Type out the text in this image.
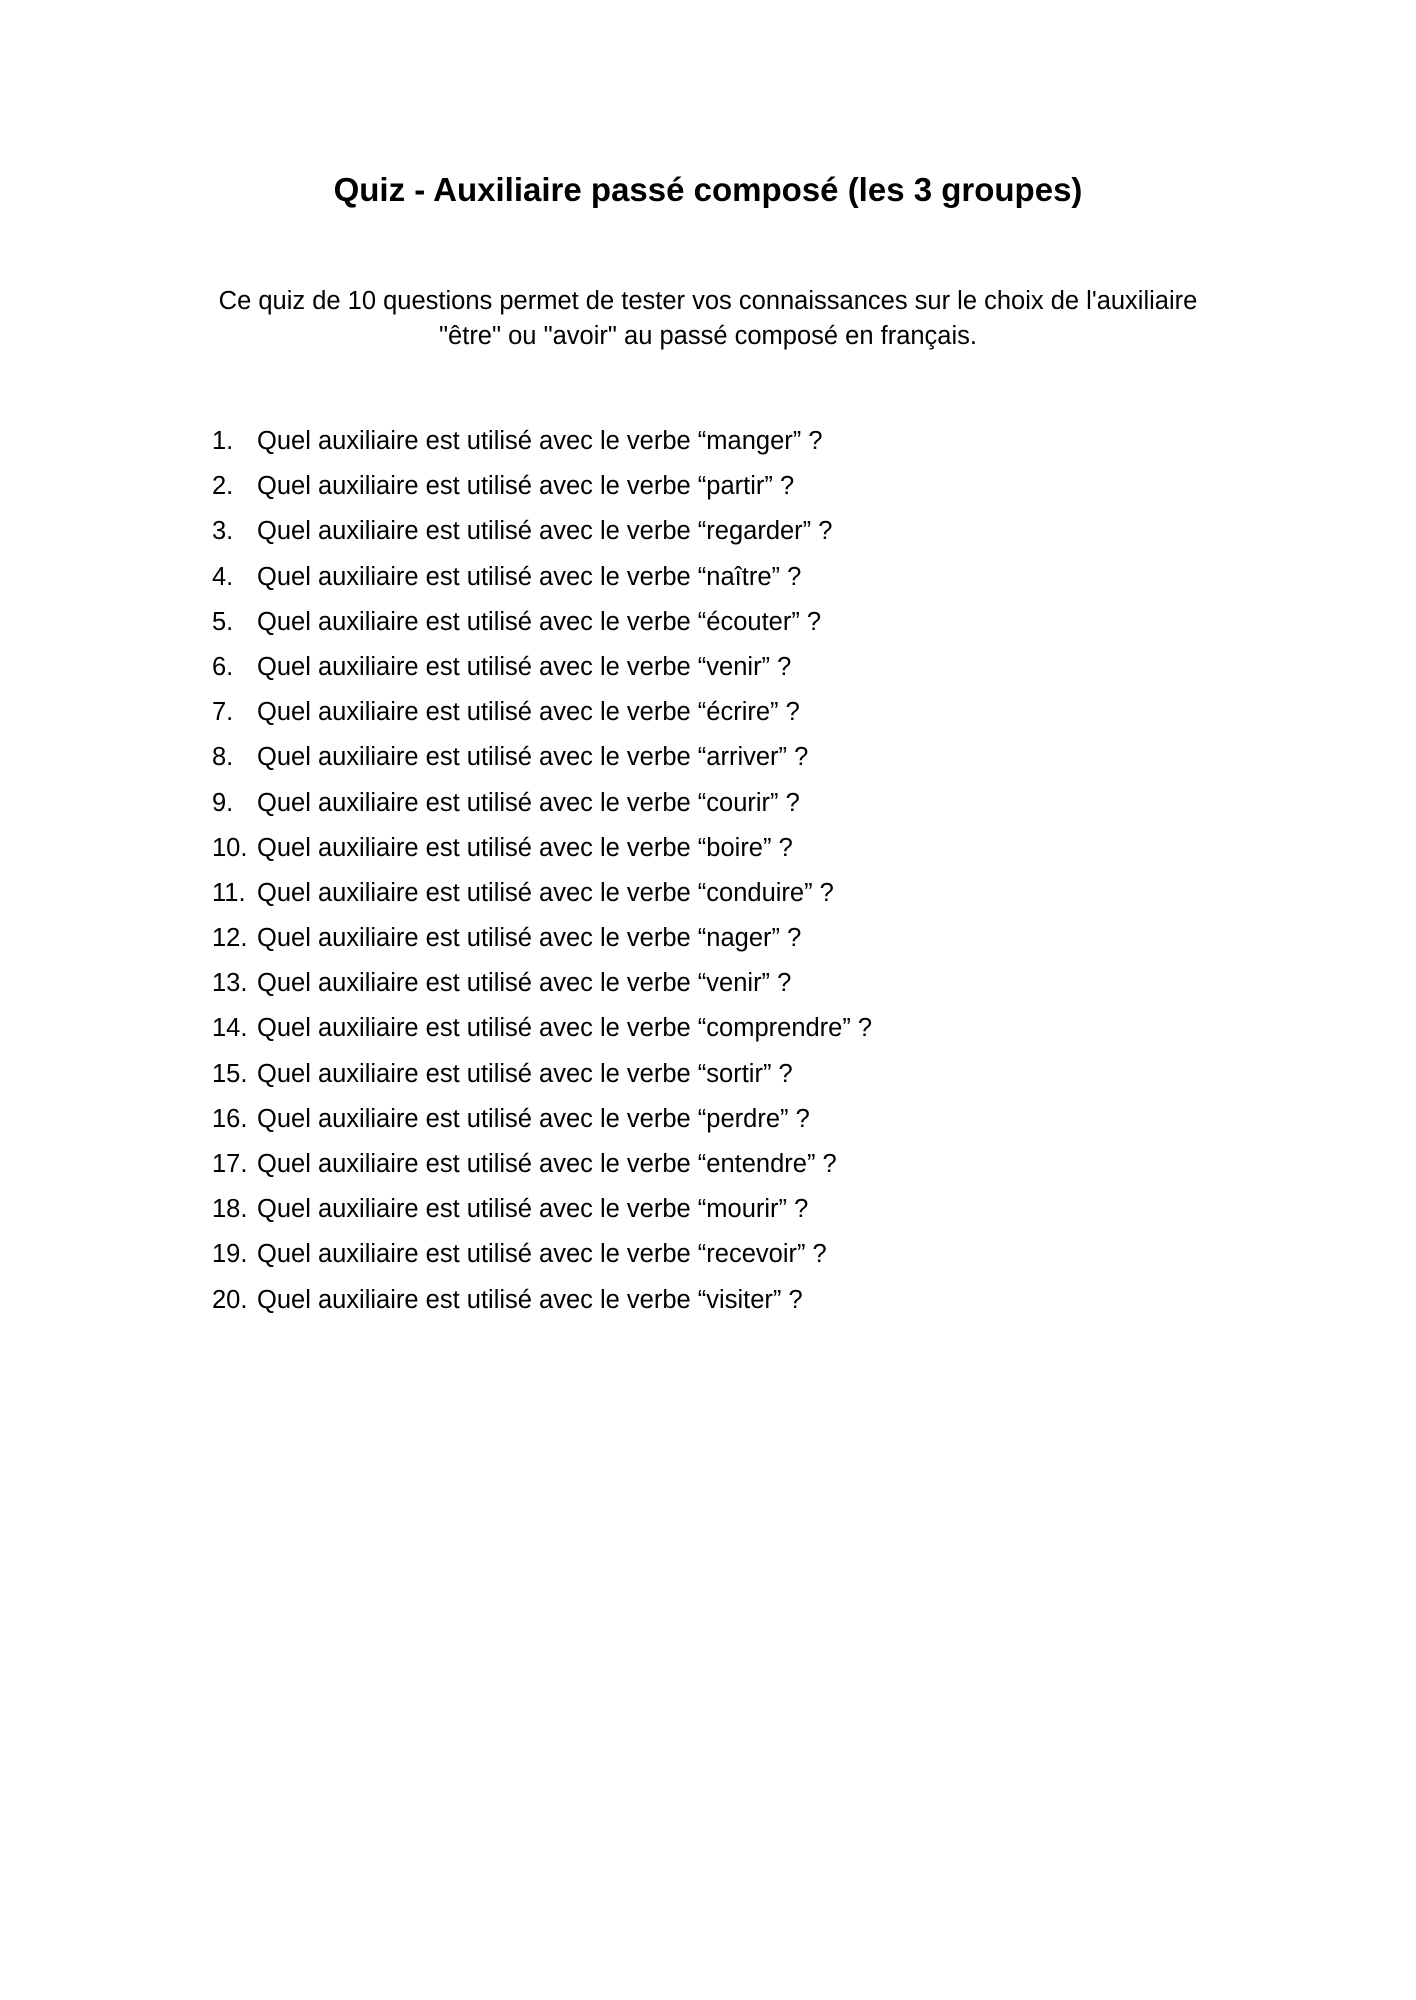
Quiz - Auxiliaire passé composé (les 3 groupes)
Ce quiz de 10 questions permet de tester vos connaissances sur le choix de l'auxiliaire
"être" ou "avoir" au passé composé en français.
1. Quel auxiliaire est utilisé avec le verbe “manger” ?
2. Quel auxiliaire est utilisé avec le verbe “partir” ?
3. Quel auxiliaire est utilisé avec le verbe “regarder” ?
4. Quel auxiliaire est utilisé avec le verbe “naître” ?
5. Quel auxiliaire est utilisé avec le verbe “écouter” ?
6. Quel auxiliaire est utilisé avec le verbe “venir” ?
7. Quel auxiliaire est utilisé avec le verbe “écrire” ?
8. Quel auxiliaire est utilisé avec le verbe “arriver” ?
9. Quel auxiliaire est utilisé avec le verbe “courir” ?
10. Quel auxiliaire est utilisé avec le verbe “boire” ?
11. Quel auxiliaire est utilisé avec le verbe “conduire” ?
12. Quel auxiliaire est utilisé avec le verbe “nager” ?
13. Quel auxiliaire est utilisé avec le verbe “venir” ?
14. Quel auxiliaire est utilisé avec le verbe “comprendre” ?
15. Quel auxiliaire est utilisé avec le verbe “sortir” ?
16. Quel auxiliaire est utilisé avec le verbe “perdre” ?
17. Quel auxiliaire est utilisé avec le verbe “entendre” ?
18. Quel auxiliaire est utilisé avec le verbe “mourir” ?
19. Quel auxiliaire est utilisé avec le verbe “recevoir” ?
20. Quel auxiliaire est utilisé avec le verbe “visiter” ?
